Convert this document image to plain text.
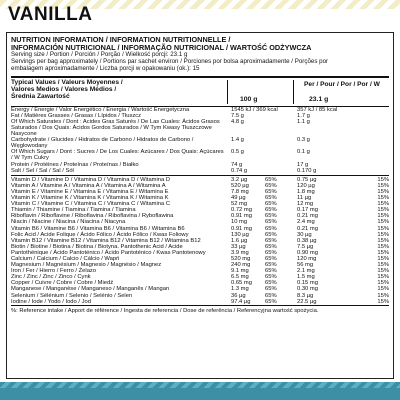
VANILLA
NUTRITION INFORMATION / INFORMATION NUTRITIONNELLE /
INFORMACIÓN NUTRICIONAL / INFORMAÇÃO NUTRICIONAL / WARTOŚĆ ODŻYWCZA
Serving size / Portion / Porción / Porção / Wielkość porcji: 23.1 g
Servings per bag approximately / Portions par sachet environ / Porciones por bolsa aproximadamente / Porções por
embalagem aproximadamente / Liczba porcji w opakowaniu (ok.): 15
Typical Values / Valeurs Moyennes /
Valores Medios / Valores Médios /
Średnia Zawartość
Per / Pour / Por / Por / W
100 g	23.1 g
Energy / Énergie / Valor Energético / Energia / Wartość Energetyczna	1545 kJ / 369 kcal	357 kJ / 85 kcal
Fat / Matières Grasses / Grasas / Lípidos / Tłuszcz	7.5 g	1.7 g
Of Which Saturates / Dont : Acides Gras Saturés / De Las Cuales: Ácidos Grasos Saturados / Dos Quais: Ácidos Gordos Saturados / W Tym Kwasy Tłuszczowe Nasycone
4.8 g	1.1 g
Carbohydrate / Glucides / Hidratos de Carbono / Hidratos de Carbono / Węglowodany
1.4 g	0.3 g
Of Which Sugars / Dont : Sucres / De Los Cuales: Azúcares / Dos Quais: Açúcares / W Tym Cukry
0.5 g	0.1 g
Protein / Protéines / Proteínas / Proteínas / Białko	74 g	17 g
Salt / Sel / Sal / Sal / Sól	0.74 g	0.170 g
Vitamin D / Vitamine D / Vitamina D / Vitamina D / Witamina D	3.2 µg	65%	0.75 µg	15%
Vitamin A / Vitamine A / Vitamina A / Vitamina A / Witamina A	520 µg	65%	120 µg	15%
Vitamin E / Vitamine E / Vitamina E / Vitamina E / Witamina E	7.8 mg	65%	1.8 mg	15%
Vitamin K / Vitamine K / Vitamina K / Vitamina K / Witamina K	49 µg	65%	11 µg	15%
Vitamin C / Vitamine C / Vitamina C / Vitamina C / Witamina C	52 mg	65%	12 mg	15%
Thiamin / Thiamine / Tiamina / Tiamina / Tiamina	0.72 mg 65%	0.17 mg	15%
Riboflavin / Riboflavine / Riboflavina / Riboflavina / Ryboflawina	0.91 mg 65%	0.21 mg	15%
Niacin / Niacine / Niacina / Niacina / Niacyna	10 mg	65%	2.4 mg	15%
Vitamin B6 / Vitamine B6 / Vitamina B6 / Vitamina B6 / Witamina B6	0.91 mg 65%	0.21 mg	15%
Folic Acid / Acide Folique / Ácido Fólico / Ácido Fólico / Kwas Foliowy	130 µg	65%	30 µg	15%
Vitamin B12 / Vitamine B12 / Vitamina B12 / Vitamina B12 / Witamina B12	1.6 µg	65%	0.38 µg	15%
Biotin / Biotine / Biotina / Biotina / Biotyna. Pantothenic Acid / Acide	33 µg	65%	7.5 µg	15%
Pantothénique / Ácido Pantoténico / Ácido Pantoténico / Kwas Pantotenowy	3.9 mg	65%	0.90 mg	15%
Calcium / Calcium / Calcio / Cálcio / Wapń	520 mg	65%	120 mg	15%
Magnesium / Magnésium / Magnesio / Magnésio / Magnez	240 mg	65%	56 mg	15%
Iron / Fer / Hierro / Ferro / Żelazo	9.1 mg	65%	2.1 mg	15%
Zinc / Zinc / Zinc / Zinco / Cynk	6.5 mg	65%	1.5 mg	15%
Copper / Cuivre / Cobre / Cobre / Miedź	0.65 mg 65%	0.15 mg	15%
Manganese / Manganèse / Manganeso / Manganês / Mangan	1.3 mg	65%	0.30 mg	15%
Selenium / Sélénium / Selenio / Selénio / Selen	36 µg	65%	8.3 µg	15%
Iodine / Iode / Yodo / Iodo / Jod	97.4 µg	65%	22.5 µg	15%
%: Reference intake / Apport de référence / Ingesta de referencia / Dose de referência / Referencyjna wartość spożycia.
